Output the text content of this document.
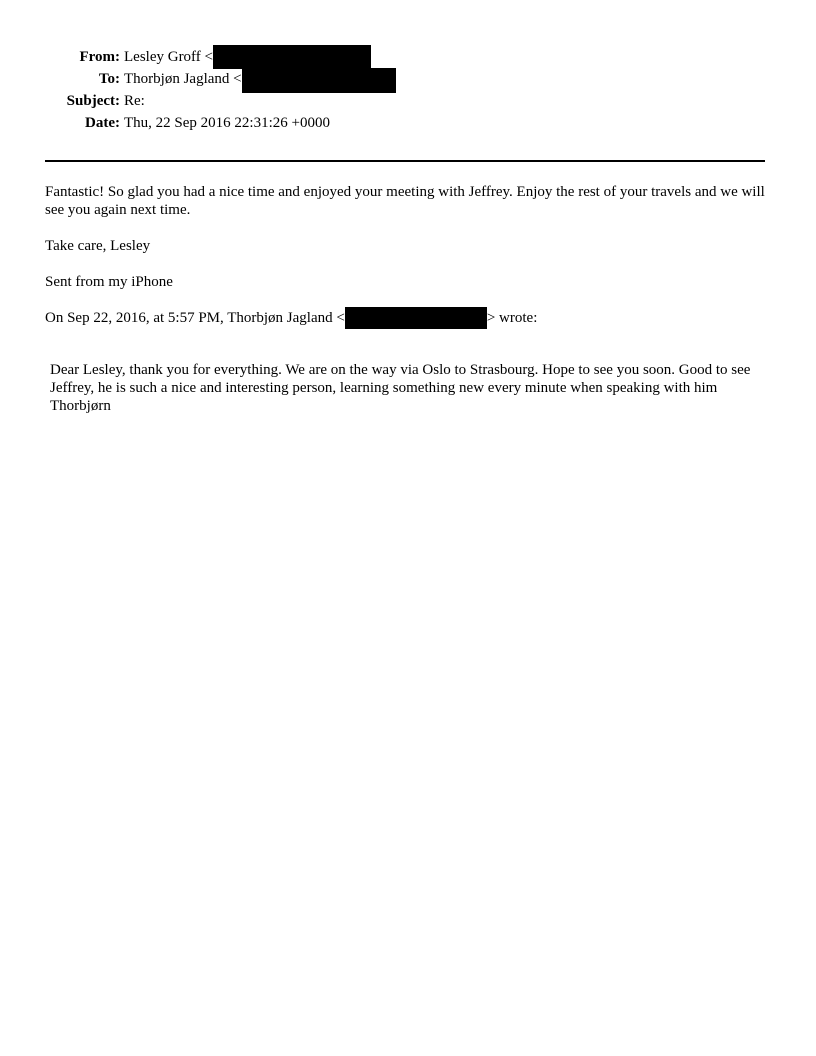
From: Lesley Groff <
To: Thorbjøn Jagland <
Subject: Re:
Date: Thu, 22 Sep 2016 22:31:26 +0000
Fantastic! So glad you had a nice time and enjoyed your meeting with Jeffrey. Enjoy the rest of your travels and we will see you again next time.
Take care, Lesley
Sent from my iPhone
On Sep 22, 2016, at 5:57 PM, Thorbjøn Jagland <	> wrote:
Dear Lesley, thank you for everything. We are on the way via Oslo to Strasbourg. Hope to see you soon. Good to see Jeffrey, he is such a nice and interesting person, learning something new every minute when speaking with him
Thorbjørn
